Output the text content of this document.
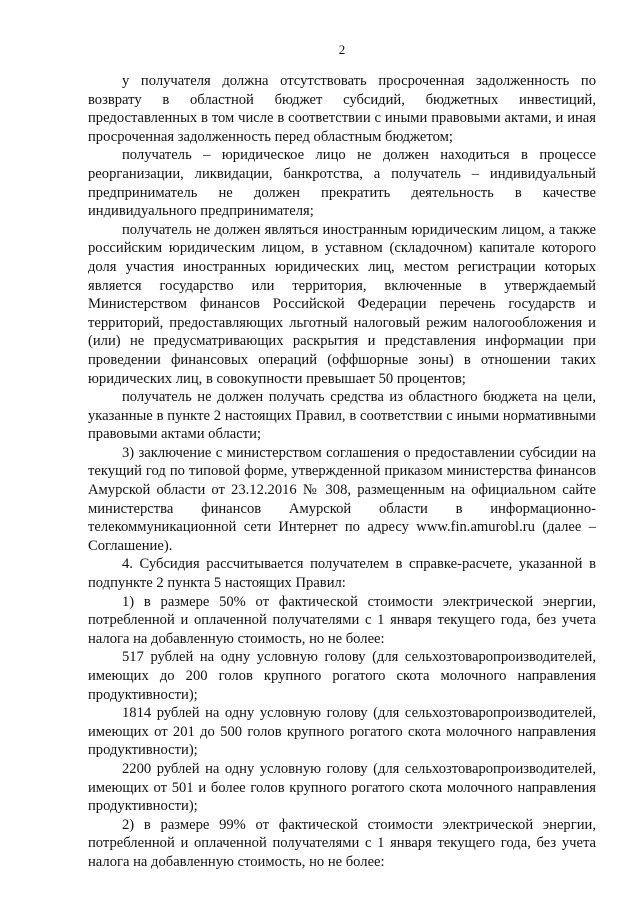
2

у получателя должна отсутствовать просроченная задолженность по возврату в областной бюджет субсидий, бюджетных инвестиций, предоставленных в том числе в соответствии с иными правовыми актами, и иная просроченная задолженность перед областным бюджетом;

получатель – юридическое лицо не должен находиться в процессе реорганизации, ликвидации, банкротства, а получатель – индивидуальный предприниматель не должен прекратить деятельность в качестве индивидуального предпринимателя;

получатель не должен являться иностранным юридическим лицом, а также российским юридическим лицом, в уставном (складочном) капитале которого доля участия иностранных юридических лиц, местом регистрации которых является государство или территория, включенные в утверждаемый Министерством финансов Российской Федерации перечень государств и территорий, предоставляющих льготный налоговый режим налогообложения и (или) не предусматривающих раскрытия и представления информации при проведении финансовых операций (оффшорные зоны) в отношении таких юридических лиц, в совокупности превышает 50 процентов;

получатель не должен получать средства из областного бюджета на цели, указанные в пункте 2 настоящих Правил, в соответствии с иными нормативными правовыми актами области;

3) заключение с министерством соглашения о предоставлении субсидии на текущий год по типовой форме, утвержденной приказом министерства финансов Амурской области от 23.12.2016 № 308, размещенным на официальном сайте министерства финансов Амурской области в информационно-телекоммуникационной сети Интернет по адресу www.fin.amurobl.ru (далее – Соглашение).

4. Субсидия рассчитывается получателем в справке-расчете, указанной в подпункте 2 пункта 5 настоящих Правил:

1) в размере 50% от фактической стоимости электрической энергии, потребленной и оплаченной получателями с 1 января текущего года, без учета налога на добавленную стоимость, но не более:

517 рублей на одну условную голову (для сельхозтоваропроизводителей, имеющих до 200 голов крупного рогатого скота молочного направления продуктивности);

1814 рублей на одну условную голову (для сельхозтоваропроизводителей, имеющих от 201 до 500 голов крупного рогатого скота молочного направления продуктивности);

2200 рублей на одну условную голову (для сельхозтоваропроизводителей, имеющих от 501 и более голов крупного рогатого скота молочного направления продуктивности);

2) в размере 99% от фактической стоимости электрической энергии, потребленной и оплаченной получателями с 1 января текущего года, без учета налога на добавленную стоимость, но не более:
